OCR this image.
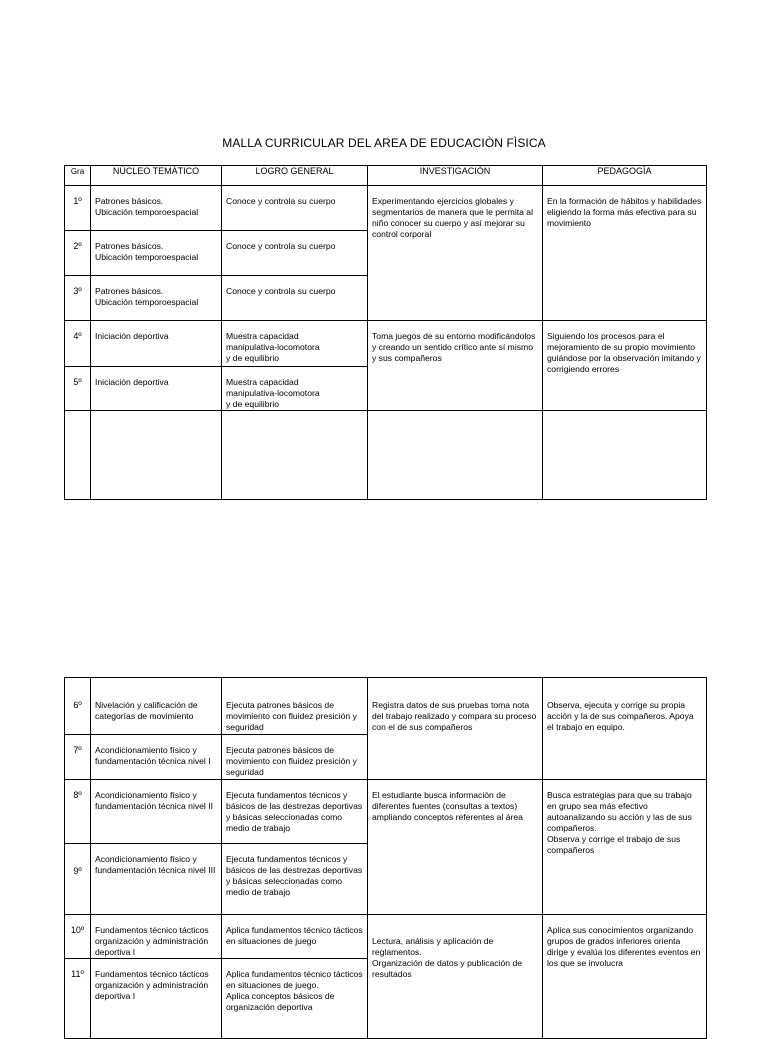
MALLA CURRICULAR DEL AREA DE EDUCACIÒN FÌSICA
Gra	NÙCLEO TEMÀTICO	LOGRO GENERAL	INVESTIGACIÒN	PEDAGOGÌA
1º	Patrones básicos.
Ubicación temporoespacial	Conoce y controla su cuerpo	Experimentando ejercicios globales y segmentarios de manera que le permita al niño conocer su cuerpo y así mejorar su control corporal	En la formación de hábitos y habilidades eligiendo la forma más efectiva para su movimiento
2º	Patrones básicos.
Ubicación temporoespacial	Conoce y controla su cuerpo		
3º	Patrones básicos.
Ubicación temporoespacial	Conoce y controla su cuerpo		
4º	Iniciación deportiva	Muestra capacidad
manipulativa-locomotora
y de equilibrio	Toma juegos de su entorno modificándolos y creando un sentido crítico ante sí mismo y sus compañeros	Siguiendo los procesos para el mejoramiento de su propio movimiento guiándose por la observación imitando y corrigiendo errores
5º	Iniciación deportiva	Muestra capacidad
manipulativa-locomotora
y de equilibrio		

6º	Nivelación y calificación de categorías de movimiento	Ejecuta patrones básicos de movimiento con fluidez presición y seguridad	Registra datos de sus pruebas toma nota del trabajo realizado y compara su proceso con el de sus compañeros	Observa, ejecuta y corrige su propia acción y la de sus compañeros. Apoya el trabajo en equipo.
7º	Acondicionamiento físico y fundamentación técnica nivel I	Ejecuta patrones básicos de movimiento con fluidez presición y seguridad		
8º	Acondicionamiento físico y fundamentación técnica nivel II	Ejecuta fundamentos técnicos y básicos de las destrezas deportivas y básicas seleccionadas como medio de trabajo	El estudiante busca información de diferentes fuentes (consultas a textos) ampliando conceptos referentes al área	Busca estrategias para que su trabajo en grupo sea más efectivo autoanalizando su acción y las de sus compañeros.
Observa y corrige el trabajo de sus compañeros
9º	Acondicionamiento físico y fundamentación técnica nivel III	Ejecuta fundamentos técnicos y básicos de las destrezas deportivas y básicas seleccionadas como medio de trabajo		
10º	Fundamentos técnico tácticos organización y administración deportiva I	Aplica fundamentos técnico tácticos en situaciones de juego	
Lectura, análisis y aplicación de reglamentos.
Organización de datos y publicación de resultados	Aplica sus conocimientos organizando grupos de grados inferiores orienta dirige y evalúa los diferentes eventos en los que se involucra
11º	Fundamentos técnico tácticos organización y administración deportiva I	Aplica fundamentos técnico tácticos en situaciones de juego.
Aplica conceptos básicos de organización deportiva		
